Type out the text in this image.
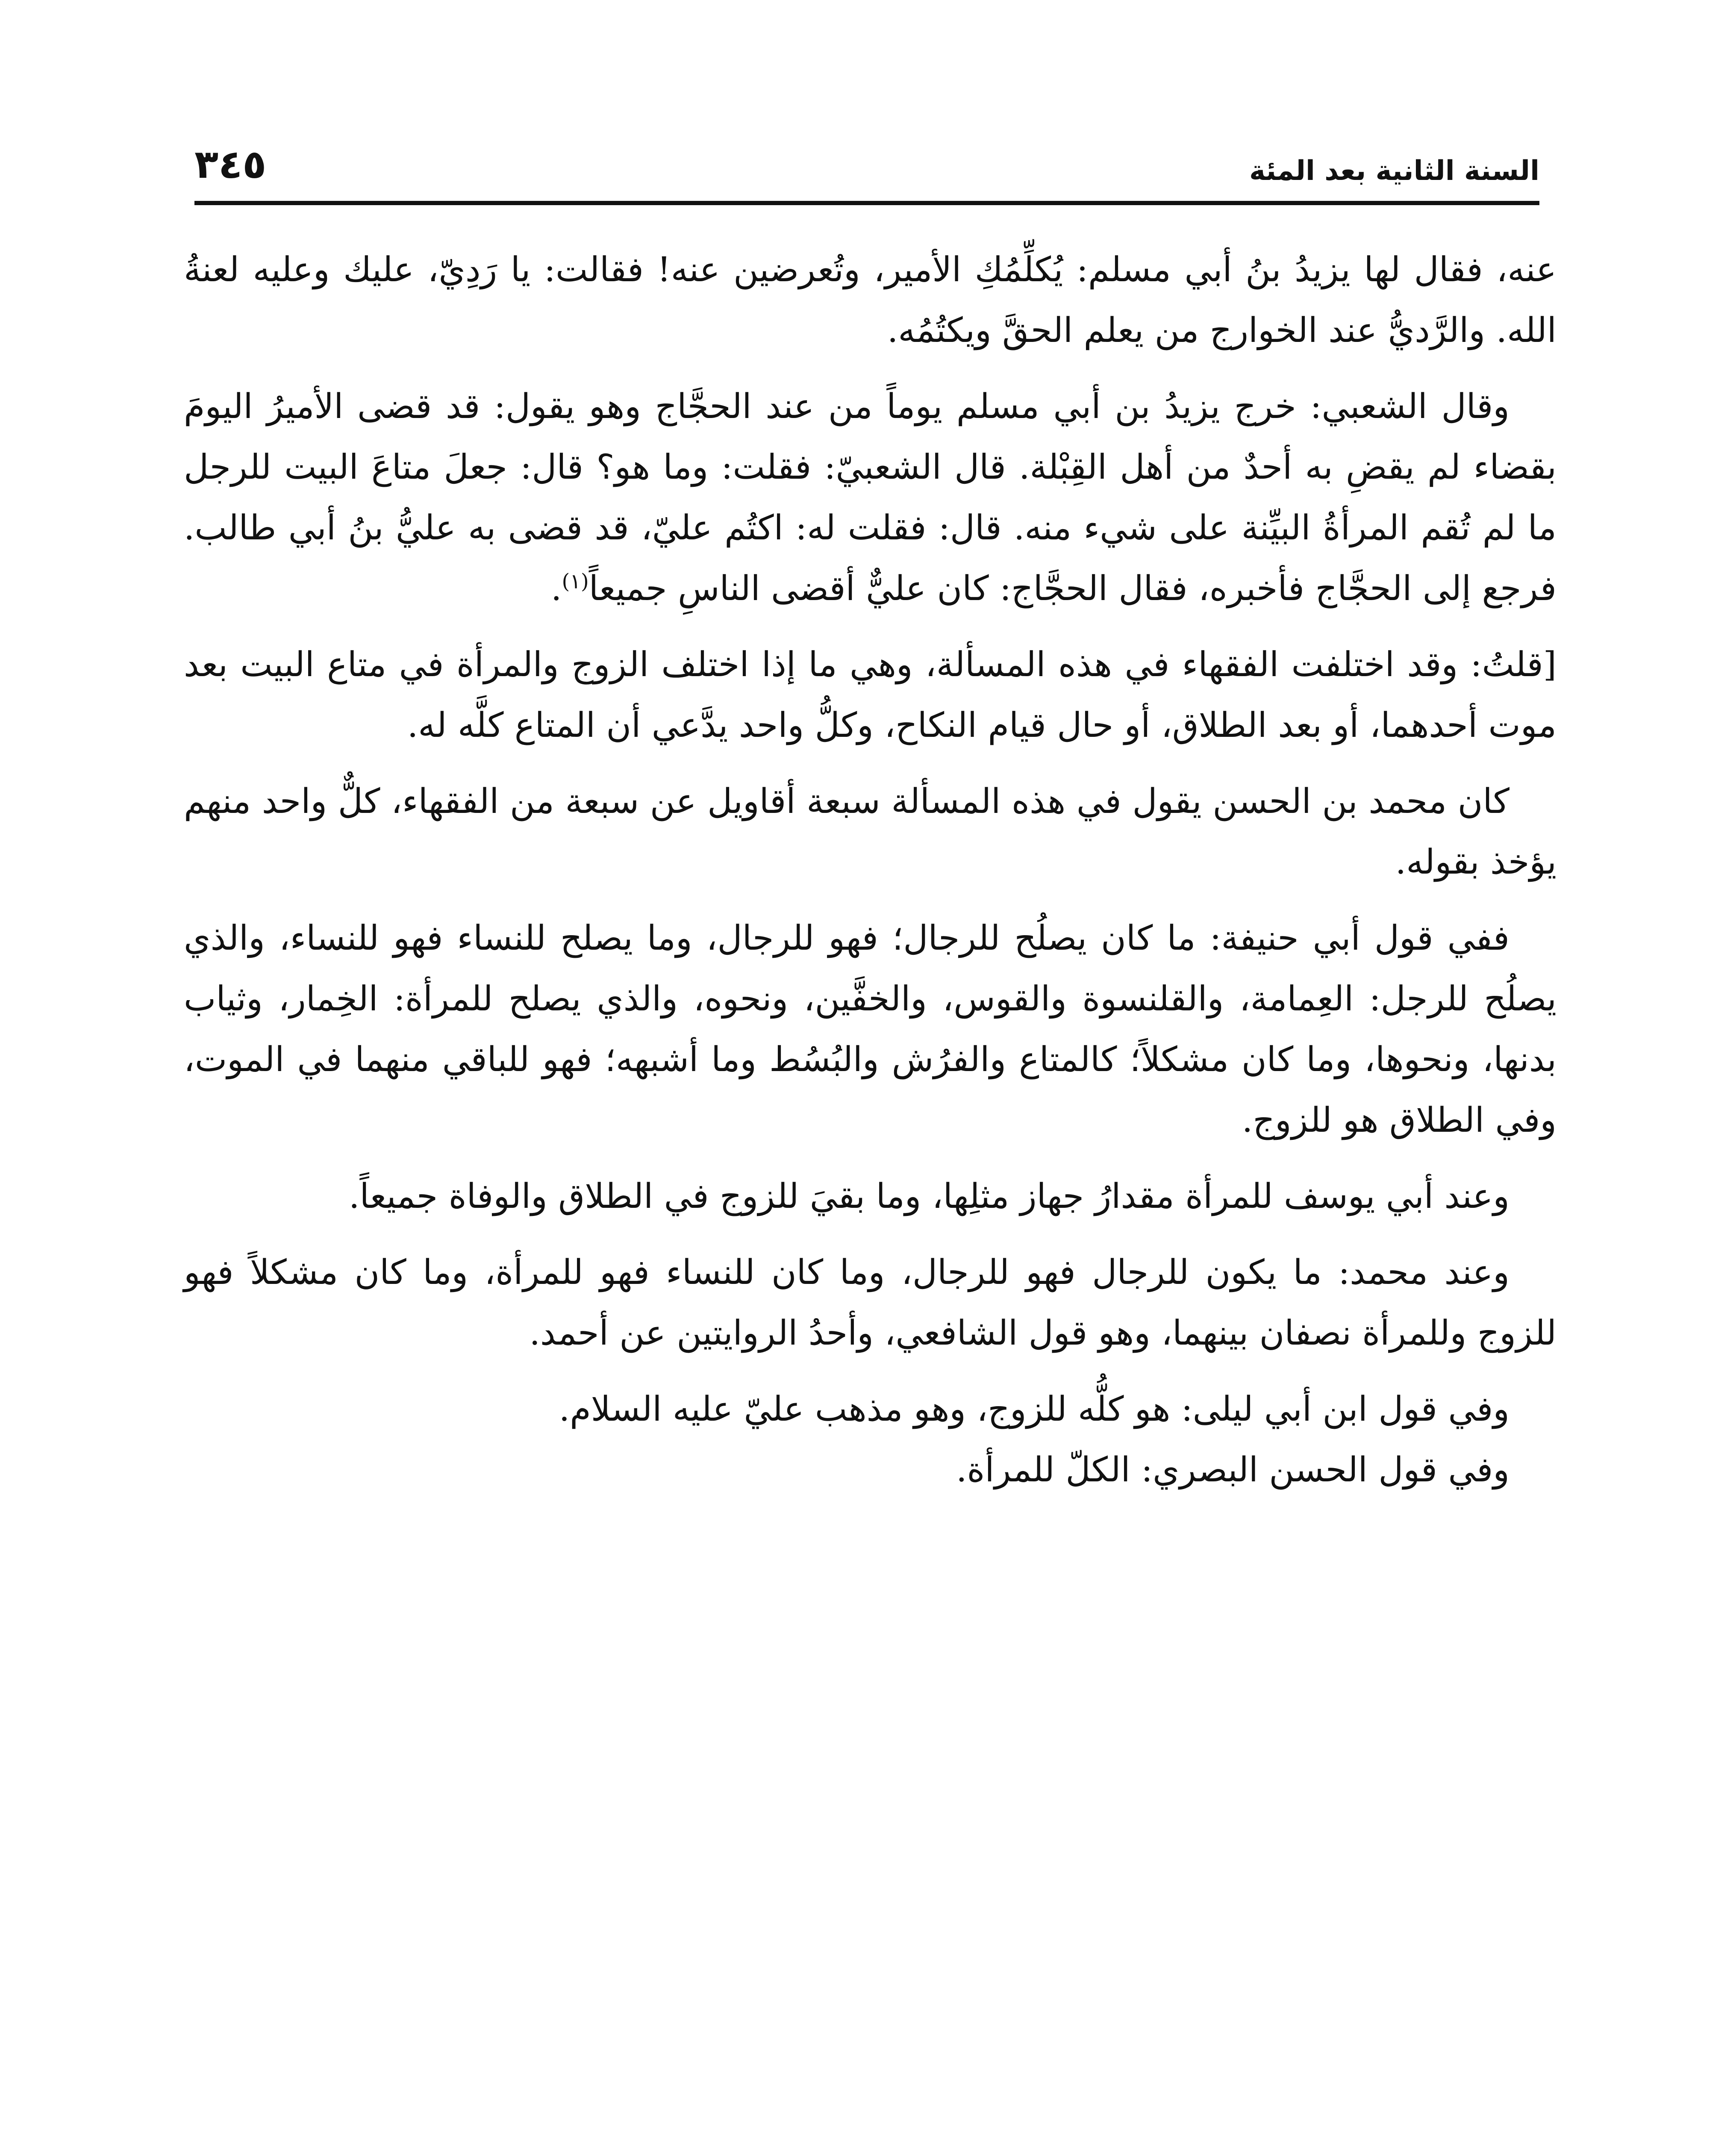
السنة الثانية بعد المئة
٣٤٥

عنه، فقال لها يزيدُ بنُ أبي مسلم: يُكلِّمُكِ الأمير، وتُعرضين عنه! فقالت: يا رَدِيّ، عليك وعليه لعنةُ الله. والرَّديُّ عند الخوارج من يعلم الحقَّ ويكتُمُه.

وقال الشعبي: خرج يزيدُ بن أبي مسلم يوماً من عند الحجَّاج وهو يقول: قد قضى الأميرُ اليومَ بقضاء لم يقضِ به أحدٌ من أهل القِبْلة. قال الشعبيّ: فقلت: وما هو؟ قال: جعلَ متاعَ البيت للرجل ما لم تُقم المرأةُ البيِّنة على شيء منه. قال: فقلت له: اكتُم عليّ، قد قضى به عليُّ بنُ أبي طالب. فرجع إلى الحجَّاج فأخبره، فقال الحجَّاج: كان عليٌّ أقضى الناسِ جميعاً$^{(١)}$.

[قلتُ: وقد اختلفت الفقهاء في هذه المسألة، وهي ما إذا اختلف الزوج والمرأة في متاع البيت بعد موت أحدهما، أو بعد الطلاق، أو حال قيام النكاح، وكلُّ واحد يدَّعي أن المتاع كلَّه له.

كان محمد بن الحسن يقول في هذه المسألة سبعة أقاويل عن سبعة من الفقهاء، كلٌّ واحد منهم يؤخذ بقوله.

ففي قول أبي حنيفة: ما كان يصلُح للرجال؛ فهو للرجال، وما يصلح للنساء فهو للنساء، والذي يصلُح للرجل: العِمامة، والقلنسوة والقوس، والخفَّين، ونحوه، والذي يصلح للمرأة: الخِمار، وثياب بدنها، ونحوها، وما كان مشكلاً؛ كالمتاع والفرُش والبُسُط وما أشبهه؛ فهو للباقي منهما في الموت، وفي الطلاق هو للزوج.

وعند أبي يوسف للمرأة مقدارُ جهاز مثلِها، وما بقيَ للزوج في الطلاق والوفاة جميعاً.

وعند محمد: ما يكون للرجال فهو للرجال، وما كان للنساء فهو للمرأة، وما كان مشكلاً فهو للزوج وللمرأة نصفان بينهما، وهو قول الشافعي، وأحدُ الروايتين عن أحمد.

وفي قول ابن أبي ليلى: هو كلُّه للزوج، وهو مذهب عليّ عليه السلام.

وفي قول الحسن البصري: الكلّ للمرأة.
